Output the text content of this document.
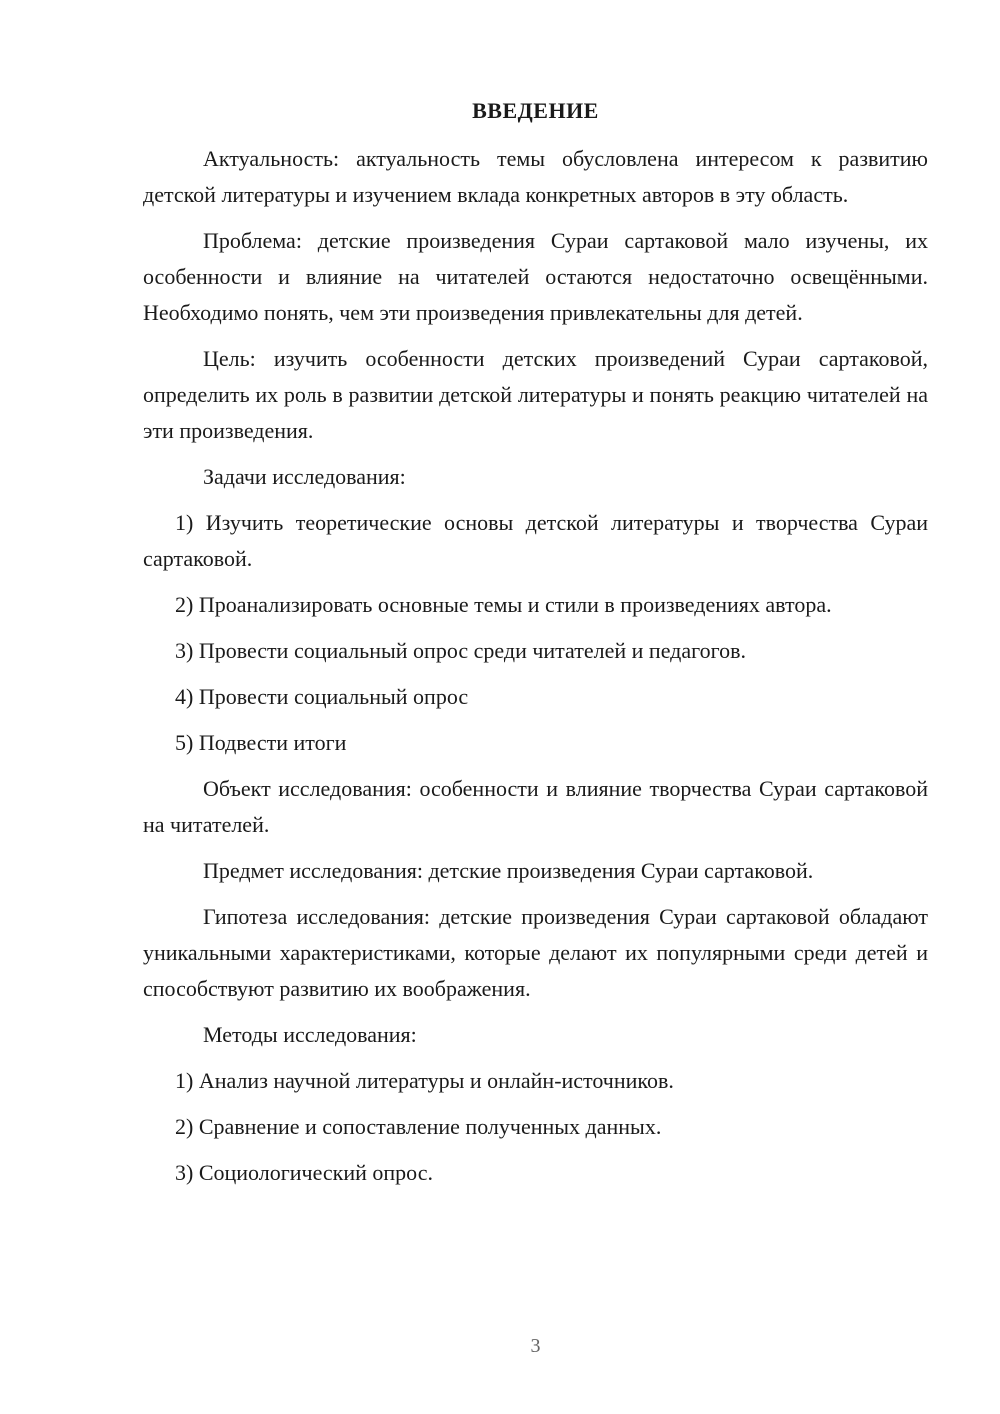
ВВЕДЕНИЕ

Актуальность: актуальность темы обусловлена интересом к развитию детской литературы и изучением вклада конкретных авторов в эту область.

Проблема: детские произведения Сураи сартаковой мало изучены, их особенности и влияние на читателей остаются недостаточно освещёнными. Необходимо понять, чем эти произведения привлекательны для детей.

Цель: изучить особенности детских произведений Сураи сартаковой, определить их роль в развитии детской литературы и понять реакцию читателей на эти произведения.

Задачи исследования:

1) Изучить теоретические основы детской литературы и творчества Сураи сартаковой.

2) Проанализировать основные темы и стили в произведениях автора.

3) Провести социальный опрос среди читателей и педагогов.

4) Провести социальный опрос

5) Подвести итоги

Объект исследования: особенности и влияние творчества Сураи сартаковой на читателей.

Предмет исследования: детские произведения Сураи сартаковой.

Гипотеза исследования: детские произведения Сураи сартаковой обладают уникальными характеристиками, которые делают их популярными среди детей и способствуют развитию их воображения.

Методы исследования:

1) Анализ научной литературы и онлайн-источников.

2) Сравнение и сопоставление полученных данных.

3) Социологический опрос.

3
